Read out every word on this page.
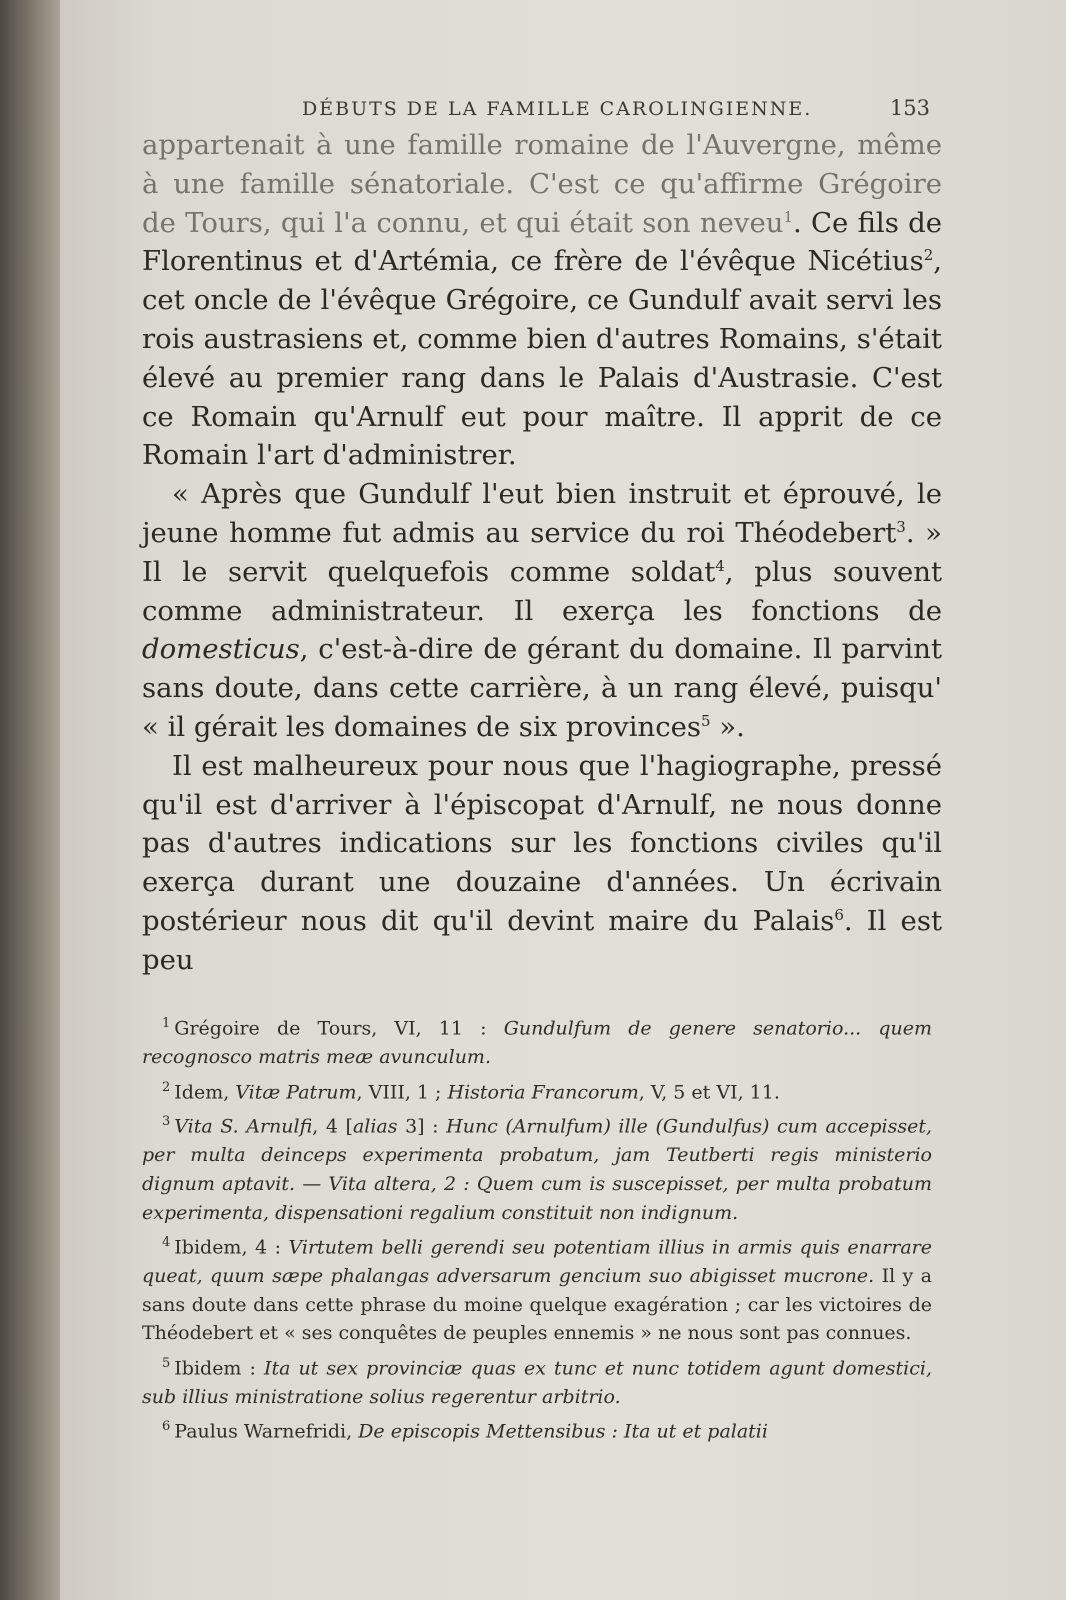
DÉBUTS DE LA FAMILLE CAROLINGIENNE.	153

appartenait à une famille romaine de l'Auvergne, même à une famille sénatoriale. C'est ce qu'affirme Grégoire de Tours, qui l'a connu, et qui était son neveu$^1$. Ce fils de Florentinus et d'Artémia, ce frère de l'évêque Nicétius$^2$, cet oncle de l'évêque Grégoire, ce Gundulf avait servi les rois austrasiens et, comme bien d'autres Romains, s'était élevé au premier rang dans le Palais d'Austrasie. C'est ce Romain qu'Arnulf eut pour maître. Il apprit de ce Romain l'art d'administrer.

« Après que Gundulf l'eut bien instruit et éprouvé, le jeune homme fut admis au service du roi Théodebert$^3$. » Il le servit quelquefois comme soldat$^4$, plus souvent comme administrateur. Il exerça les fonctions de domesticus, c'est-à-dire de gérant du domaine. Il parvint sans doute, dans cette carrière, à un rang élevé, puisqu' « il gérait les domaines de six provinces$^5$ ».

Il est malheureux pour nous que l'hagiographe, pressé qu'il est d'arriver à l'épiscopat d'Arnulf, ne nous donne pas d'autres indications sur les fonctions civiles qu'il exerça durant une douzaine d'années. Un écrivain postérieur nous dit qu'il devint maire du Palais$^6$. Il est peu

$^1$ Grégoire de Tours, VI, 11 : Gundulfum de genere senatorio... quem recognosco matris meæ avunculum.

$^2$ Idem, Vitæ Patrum, VIII, 1 ; Historia Francorum, V, 5 et VI, 11.

$^3$ Vita S. Arnulfi, 4 [alias 3] : Hunc (Arnulfum) ille (Gundulfus) cum accepisset, per multa deinceps experimenta probatum, jam Teutberti regis ministerio dignum aptavit. — Vita altera, 2 : Quem cum is suscepisset, per multa probatum experimenta, dispensationi regalium constituit non indignum.

$^4$ Ibidem, 4 : Virtutem belli gerendi seu potentiam illius in armis quis enarrare queat, quum sæpe phalangas adversarum gencium suo abigisset mucrone. Il y a sans doute dans cette phrase du moine quelque exagération ; car les victoires de Théodebert et « ses conquêtes de peuples ennemis » ne nous sont pas connues.

$^5$ Ibidem : Ita ut sex provinciæ quas ex tunc et nunc totidem agunt domestici, sub illius ministratione solius regerentur arbitrio.

$^6$ Paulus Warnefridi, De episcopis Mettensibus : Ita ut et palatii
